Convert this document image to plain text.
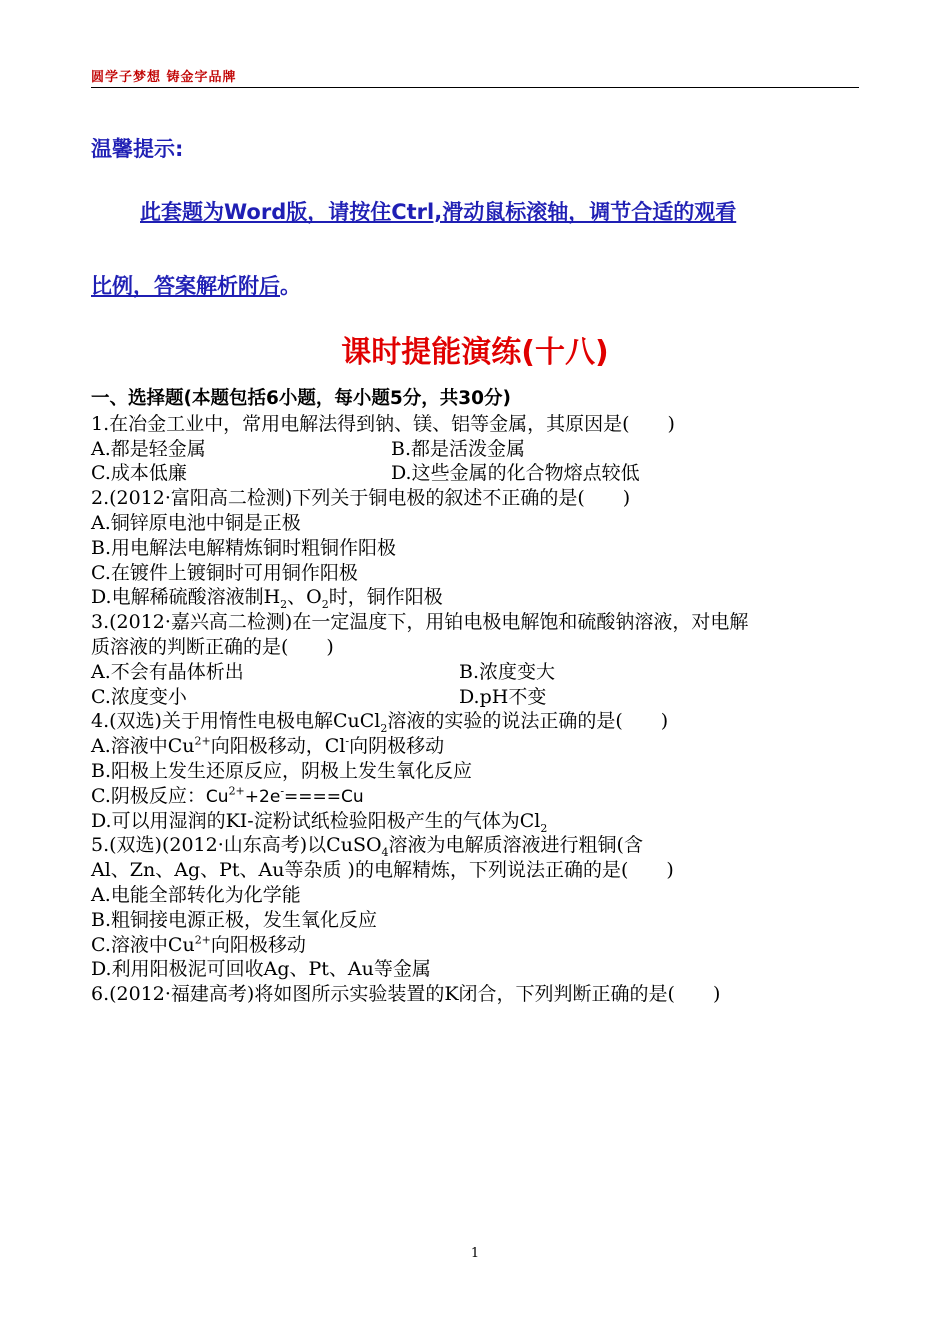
圆学子梦想 铸金字品牌
温馨提示:
此套题为Word版，请按住Ctrl,滑动鼠标滚轴，调节合适的观看
比例，答案解析附后。
课时提能演练(十八)
一、选择题(本题包括6小题，每小题5分，共30分)
1.在冶金工业中，常用电解法得到钠、镁、铝等金属，其原因是(　　)
A.都是轻金属	B.都是活泼金属
C.成本低廉	D.这些金属的化合物熔点较低
2.(2012·富阳高二检测)下列关于铜电极的叙述不正确的是(　　)
A.铜锌原电池中铜是正极
B.用电解法电解精炼铜时粗铜作阳极
C.在镀件上镀铜时可用铜作阳极
D.电解稀硫酸溶液制$H_2$、$O_2$时，铜作阳极
3.(2012·嘉兴高二检测)在一定温度下，用铂电极电解饱和硫酸钠溶液，对电解
质溶液的判断正确的是(　　)
A.不会有晶体析出	B.浓度变大
C.浓度变小	D.pH不变
4.(双选)关于用惰性电极电解CuCl$_2$溶液的实验的说法正确的是(　　)
A.溶液中$Cu^{2+}$向阳极移动，Cl-向阴极移动
B.阳极上发生还原反应，阴极上发生氧化反应
C.阴极反应：$Cu^{2+}+2e^-====Cu$
D.可以用湿润的KI-淀粉试纸检验阳极产生的气体为$Cl_2$
5.(双选)(2012·山东高考)以CuSO$_4$溶液为电解质溶液进行粗铜(含
Al、Zn、Ag、Pt、Au等杂质 )的电解精炼，下列说法正确的是(　　)
A.电能全部转化为化学能
B.粗铜接电源正极，发生氧化反应
C.溶液中$Cu^{2+}$向阳极移动
D.利用阳极泥可回收Ag、Pt、Au等金属
6.(2012·福建高考)将如图所示实验装置的K闭合，下列判断正确的是(　　)
1
